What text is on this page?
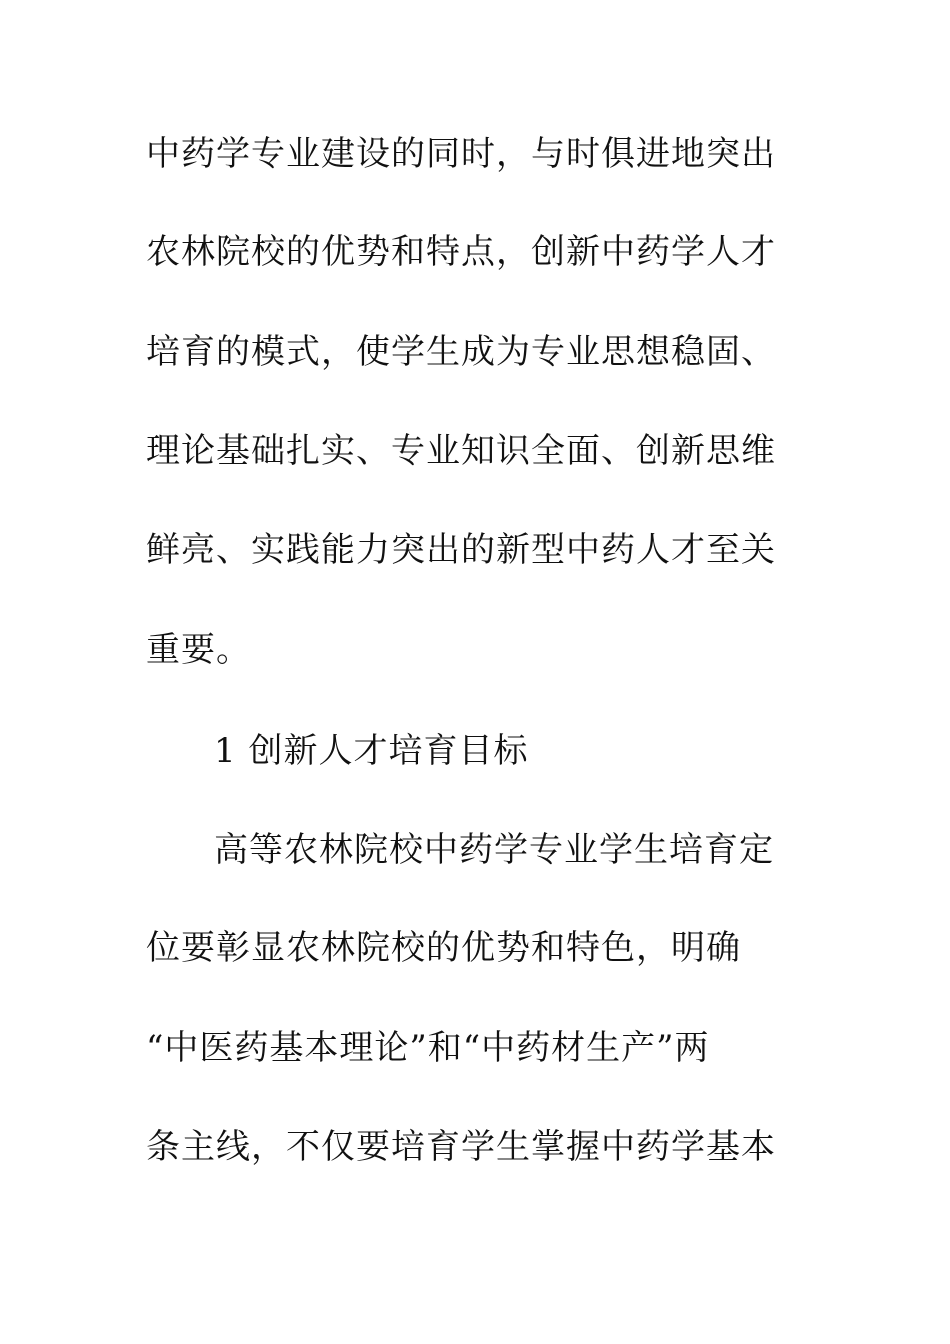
中药学专业建设的同时，与时俱进地突出
农林院校的优势和特点，创新中药学人才
培育的模式，使学生成为专业思想稳固、
理论基础扎实、专业知识全面、创新思维
鲜亮、实践能力突出的新型中药人才至关
重要。
1 创新人才培育目标
高等农林院校中药学专业学生培育定
位要彰显农林院校的优势和特色，明确
“中医药基本理论”和“中药材生产”两
条主线，不仅要培育学生掌握中药学基本
